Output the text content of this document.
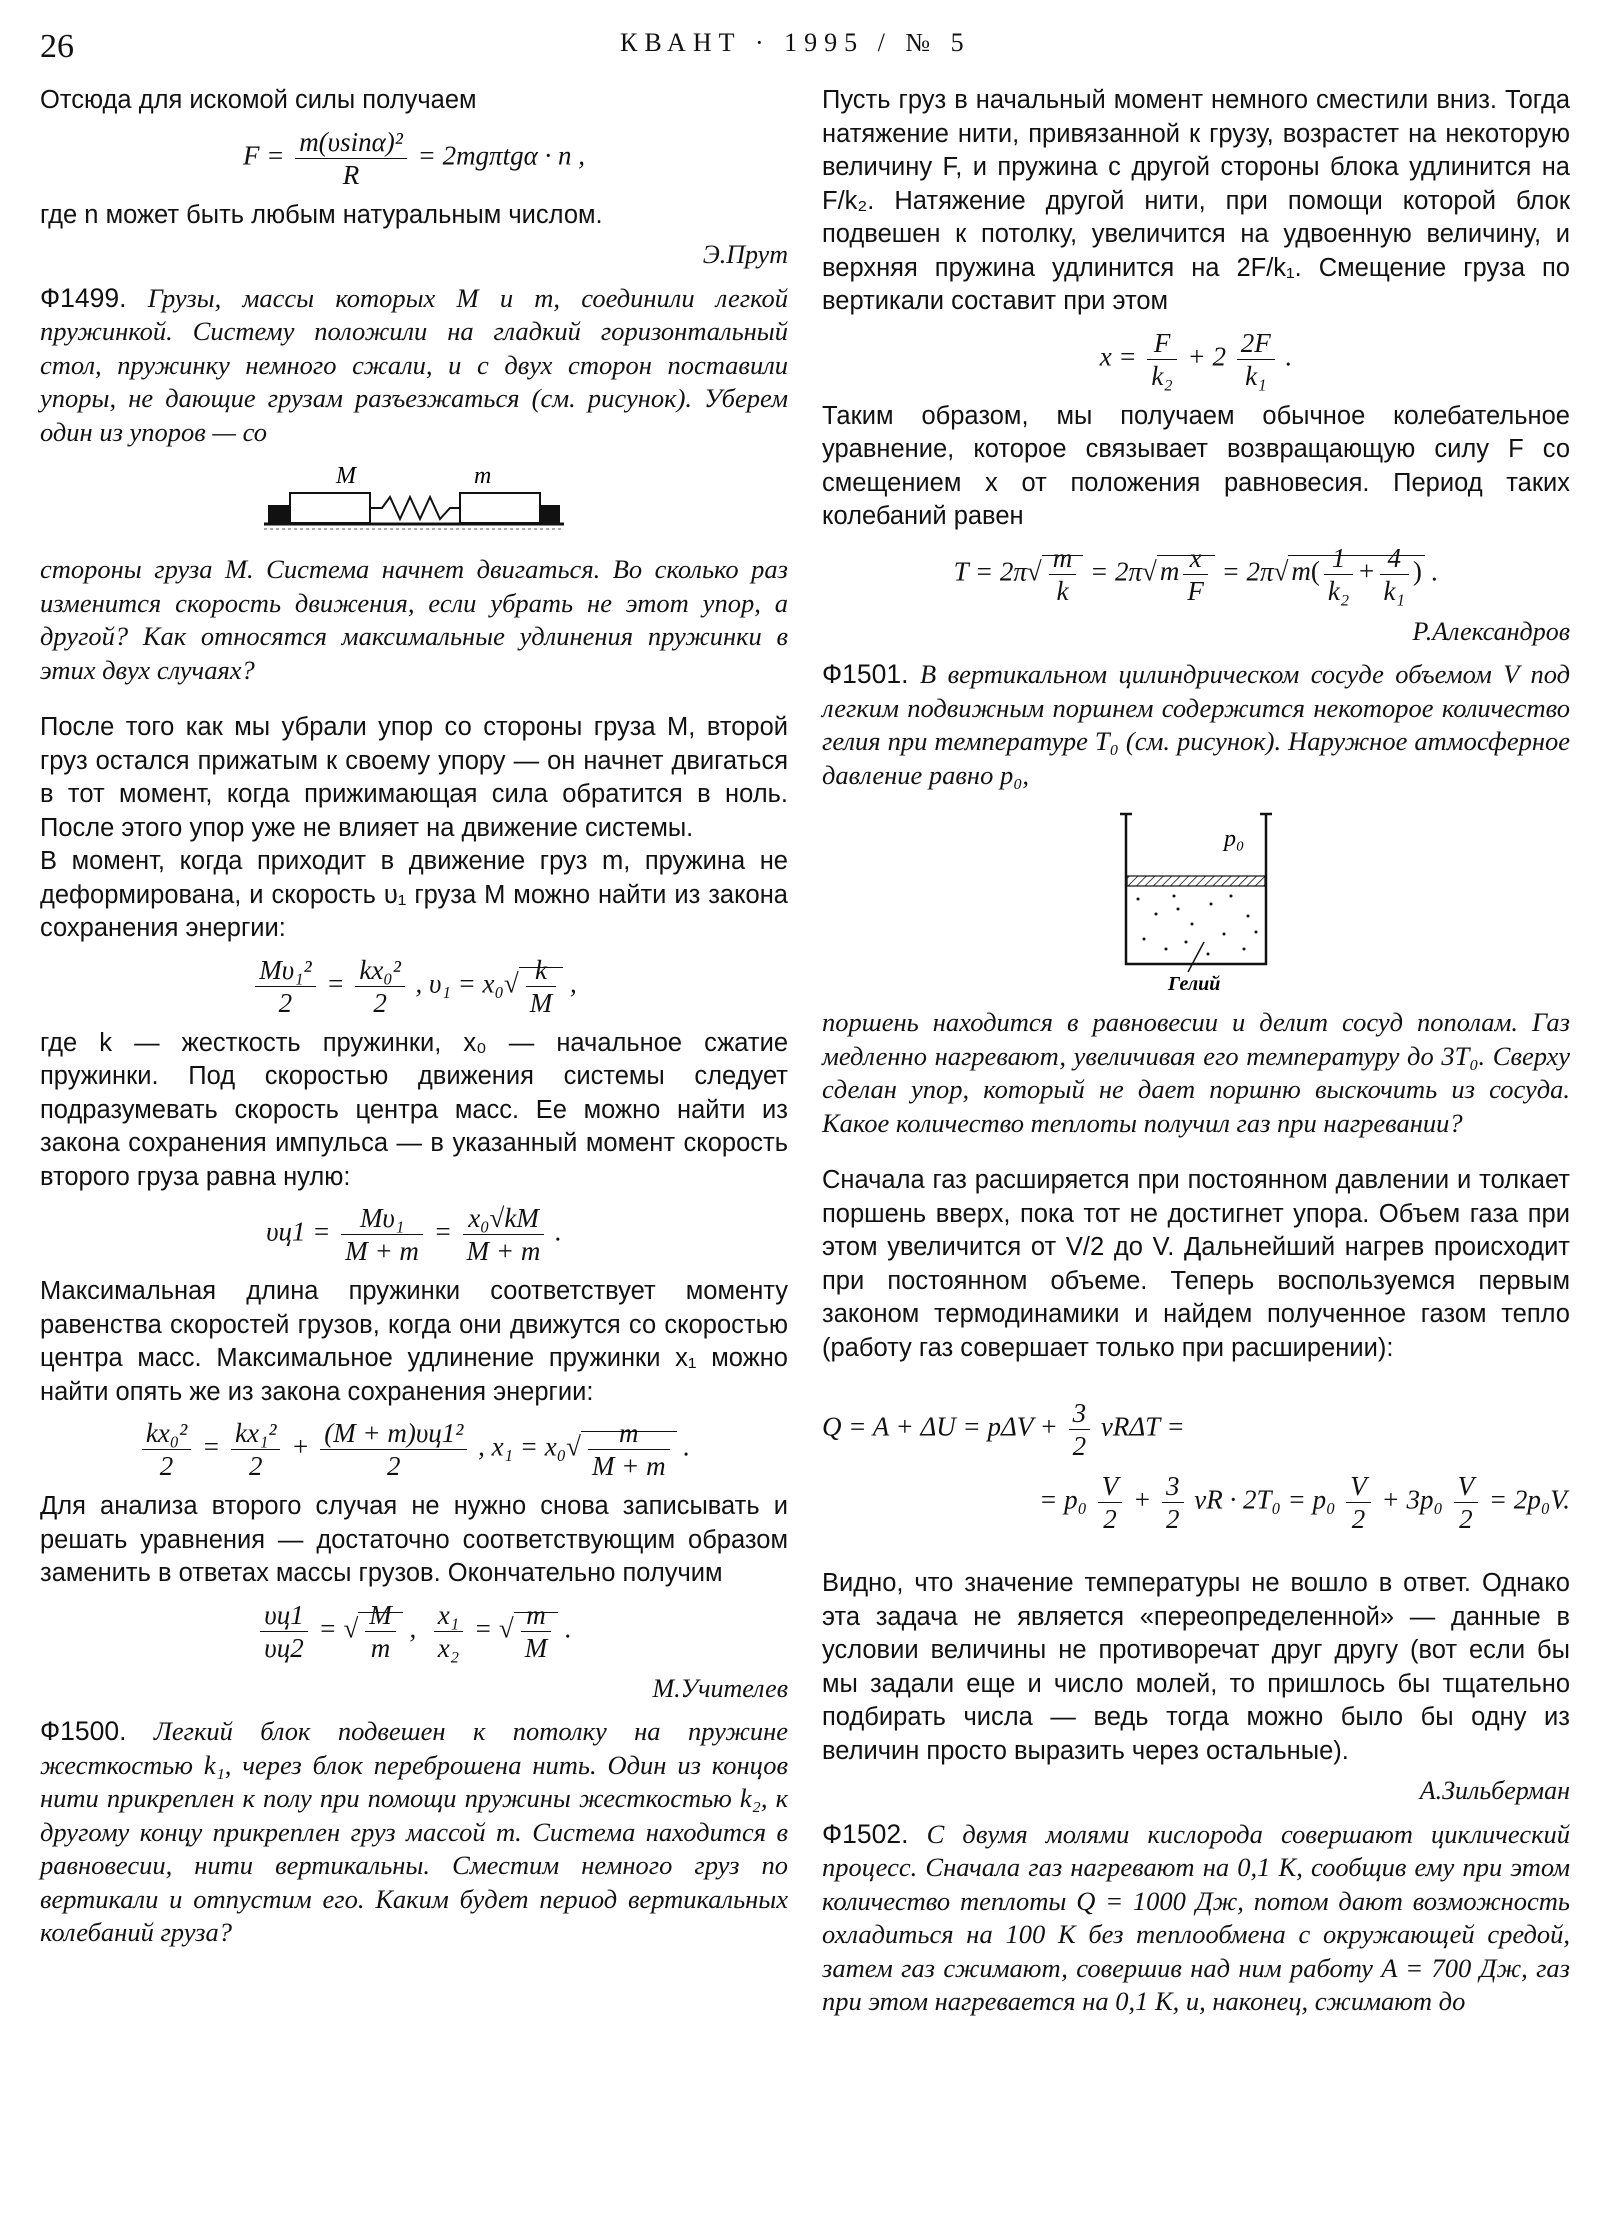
26	КВАНТ · 1995 / № 5

Отсюда для искомой силы получаем

$F = \frac{\text{m(υsinα)²}}{R} = 2mg\pi tg\alpha \cdot n$ ,

где n может быть любым натуральным числом.

Э.Прут

Ф1499. Грузы, массы которых M и m, соединили легкой пружинкой. Систему положили на гладкий горизонтальный стол, пружинку немного сжали, и с двух сторон поставили упоры, не дающие грузам разъезжаться (см. рисунок). Уберем один из упоров — со

M	m

стороны груза M. Система начнет двигаться. Во сколько раз изменится скорость движения, если убрать не этот упор, а другой? Как относятся максимальные удлинения пружинки в этих двух случаях?

После того как мы убрали упор со стороны груза M, второй груз остался прижатым к своему упору — он начнет двигаться в тот момент, когда прижимающая сила обратится в ноль. После этого упор уже не влияет на движение системы.

В момент, когда приходит в движение груз m, пружина не деформирована, и скорость υ₁ груза M можно найти из закона сохранения энергии:

$\frac{\text{Mυ₁²}}{2} = \frac{\text{kx₀²}}{2}$ , $\upsilon_1 = x_0√ \frac{k}{M}$ ,

где k — жесткость пружинки, x₀ — начальное сжатие пружинки. Под скоростью движения системы следует подразумевать скорость центра масс. Ее можно найти из закона сохранения импульса — в указанный момент скорость второго груза равна нулю:

$\upsilon ц1 = \frac{\text{Mυ₁}}{M + m} = \frac{\text{x₀√kM}}{M + m}$ .

Максимальная длина пружинки соответствует моменту равенства скоростей грузов, когда они движутся со скоростью центра масс. Максимальное удлинение пружинки x₁ можно найти опять же из закона сохранения энергии:

$\frac{\text{kx₀²}}{2} = \frac{\text{kx₁²}}{2} + \frac{\text{(M + m)υц1²}}{2}$ , $x_1 = x_0√ \frac{m}{M + m}$ .

Для анализа второго случая не нужно снова записывать и решать уравнения — достаточно соответствующим образом заменить в ответах массы грузов. Окончательно получим

$\frac{\upsilon ц1}{\upsilon ц2}$ = √ $\frac{M}{m}$ , $\frac{\text{x₁}}{\text{x₂}}$ = √ $\frac{m}{M}$ .
М.Учителев

Ф1500. Легкий блок подвешен к потолку на пружине жесткостью k₁, через блок переброшена нить. Один из концов нити прикреплен к полу при помощи пружины жесткостью k₂, к другому концу прикреплен груз массой m. Система находится в равновесии, нити вертикальны. Сместим немного груз по вертикали и отпустим его. Каким будет период вертикальных колебаний груза?

Пусть груз в начальный момент немного сместили вниз. Тогда натяжение нити, привязанной к грузу, возрастет на некоторую величину F, и пружина с другой стороны блока удлинится на F/k₂. Натяжение другой нити, при помощи которой блок подвешен к потолку, увеличится на удвоенную величину, и верхняя пружина удлинится на 2F/k₁. Смещение груза по вертикали составит при этом

$x = \frac{F}{\text{k₂}} + 2 \frac{2F}{\text{k₁}}$ .

Таким образом, мы получаем обычное колебательное уравнение, которое связывает возвращающую силу F со смещением x от положения равновесия. Период таких колебаний равен

$T = 2\pi√ \frac{m}{k} = 2\pi√$ m $\frac{x}{F} = 2\pi√$ $m( \frac{1}{\text{k₂}} + \frac{4}{\text{k₁}}$ ) .
Р.Александров

Ф1501. В вертикальном цилиндрическом сосуде объемом V под легким подвижным поршнем содержится некоторое количество гелия при температуре T₀ (см. рисунок). Наружное атмосферное давление равно p₀,

p₀
Гелий

поршень находится в равновесии и делит сосуд пополам. Газ медленно нагревают, увеличивая его температуру до 3T₀. Сверху сделан упор, который не дает поршню выскочить из сосуда. Какое количество теплоты получил газ при нагревании?

Сначала газ расширяется при постоянном давлении и толкает поршень вверх, пока тот не достигнет упора. Объем газа при этом увеличится от V/2 до V. Дальнейший нагрев происходит при постоянном объеме. Теперь воспользуемся первым законом термодинамики и найдем полученное газом тепло (работу газ совершает только при расширении):

$Q = A + \Delta U = p\Delta V + \frac{3}{2}$ νRΔT =
= $p_0 \frac{V}{2} + \frac{3}{2}$ $\nu R \cdot 2T_0 = p_0 \frac{V}{2} + 3p_0 \frac{V}{2} = 2p_0V$.

Видно, что значение температуры не вошло в ответ. Однако эта задача не является «переопределенной» — данные в условии величины не противоречат друг другу (вот если бы мы задали еще и число молей, то пришлось бы тщательно подбирать числа — ведь тогда можно было бы одну из величин просто выразить через остальные).

А.Зильберман

Ф1502. С двумя молями кислорода совершают циклический процесс. Сначала газ нагревают на 0,1 К, сообщив ему при этом количество теплоты Q = 1000 Дж, потом дают возможность охладиться на 100 К без теплообмена с окружающей средой, затем газ сжимают, совершив над ним работу A = 700 Дж, газ при этом нагревается на 0,1 К, и, наконец, сжимают до
